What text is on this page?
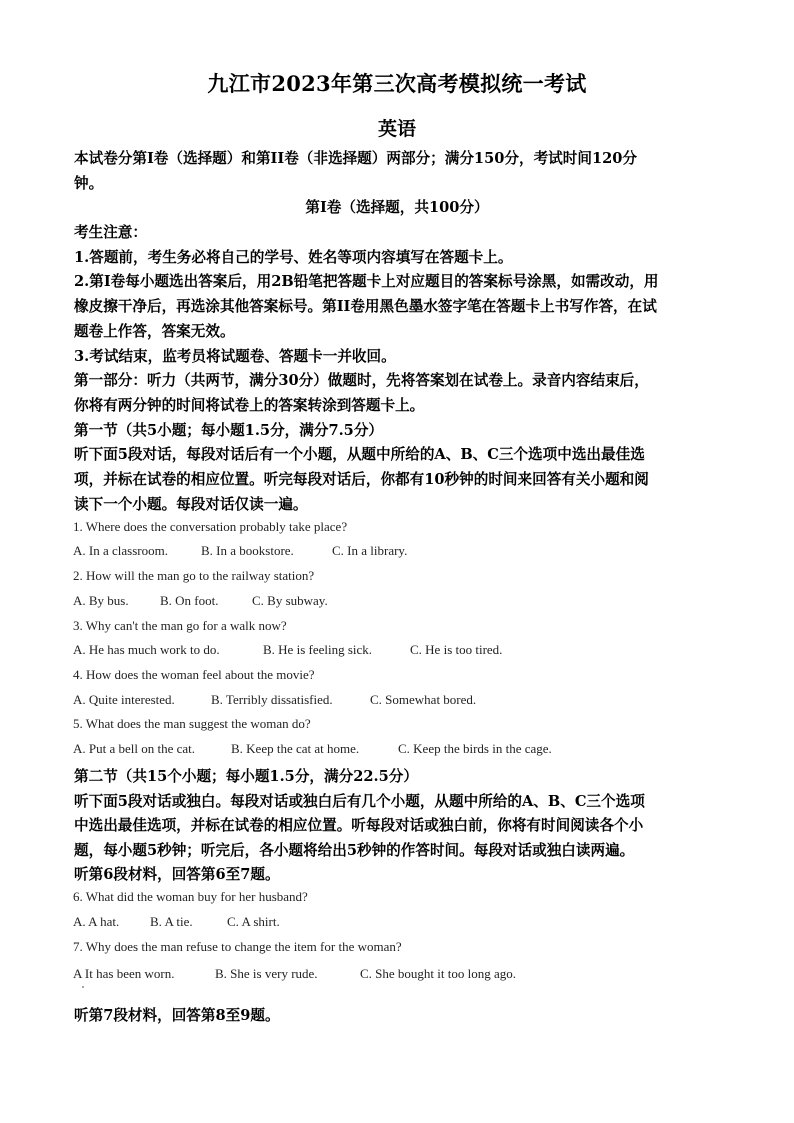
九江市2023年第三次高考模拟统一考试
英语
本试卷分第I卷（选择题）和第II卷（非选择题）两部分；满分150分，考试时间120分
钟。
第I卷（选择题，共100分）
考生注意：
1.答题前，考生务必将自己的学号、姓名等项内容填写在答题卡上。
2.第I卷每小题选出答案后，用2B铅笔把答题卡上对应题目的答案标号涂黑，如需改动，用
橡皮擦干净后，再选涂其他答案标号。第II卷用黑色墨水签字笔在答题卡上书写作答，在试
题卷上作答，答案无效。
3.考试结束，监考员将试题卷、答题卡一并收回。
第一部分：听力（共两节，满分30分）做题时，先将答案划在试卷上。录音内容结束后，
你将有两分钟的时间将试卷上的答案转涂到答题卡上。
第一节（共5小题；每小题1.5分，满分7.5分）
听下面5段对话，每段对话后有一个小题，从题中所给的A、B、C三个选项中选出最佳选
项，并标在试卷的相应位置。听完每段对话后，你都有10秒钟的时间来回答有关小题和阅
读下一个小题。每段对话仅读一遍。
1. Where does the conversation probably take place?
A. In a classroom.	B. In a bookstore.	C. In a library.
2. How will the man go to the railway station?
A. By bus. B. On foot.	C. By subway.
3. Why can't the man go for a walk now?
A. He has much work to do.	B. He is feeling sick.	C. He is too tired.
4. How does the woman feel about the movie?
A. Quite interested.	B. Terribly dissatisfied.	C. Somewhat bored.
5. What does the man suggest the woman do?
A. Put a bell on the cat.	B. Keep the cat at home.	C. Keep the birds in the cage.
第二节（共15个小题；每小题1.5分，满分22.5分）
听下面5段对话或独白。每段对话或独白后有几个小题，从题中所给的A、B、C三个选项
中选出最佳选项，并标在试卷的相应位置。听每段对话或独白前，你将有时间阅读各个小
题，每小题5秒钟；听完后，各小题将给出5秒钟的作答时间。每段对话或独白读两遍。
听第6段材料，回答第6至7题。
6. What did the woman buy for her husband?
A. A hat. B. A tie.	C. A shirt.
7. Why does the man refuse to change the item for the woman?
A It has been worn.	B. She is very rude.	C. She bought it too long ago.
听第7段材料，回答第8至9题。
